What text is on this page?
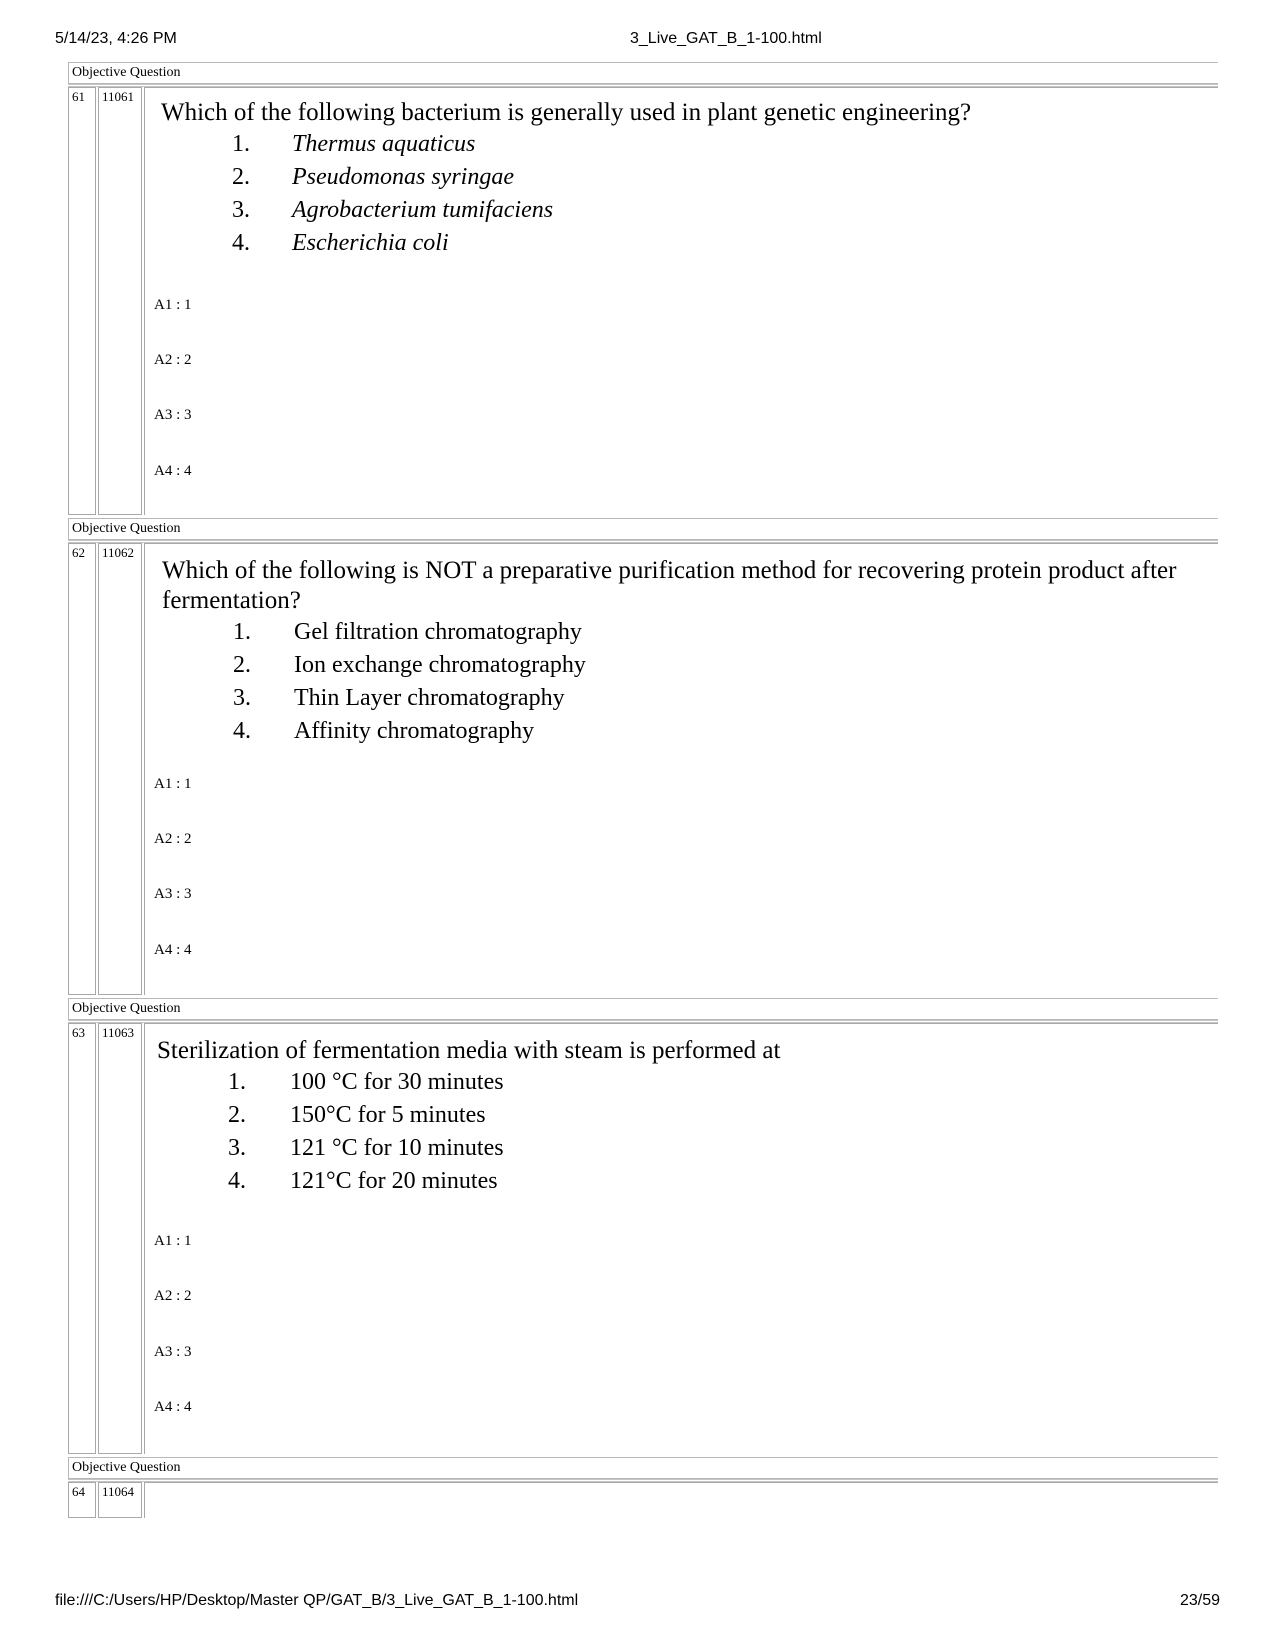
5/14/23, 4:26 PM	3_Live_GAT_B_1-100.html
Objective Question
61	11061

Which of the following bacterium is generally used in plant genetic engineering?

1. Thermus aquaticus
2. Pseudomonas syringae
3. Agrobacterium tumifaciens
4. Escherichia coli
A1 : 1
A2 : 2
A3 : 3
A4 : 4
Objective Question
62	11062

Which of the following is NOT a preparative purification method for recovering protein product after fermentation?

1. Gel filtration chromatography
2. Ion exchange chromatography
3. Thin Layer chromatography
4. Affinity chromatography
A1 : 1
A2 : 2
A3 : 3
A4 : 4
Objective Question
63	11063

Sterilization of fermentation media with steam is performed at

1. 100 °C for 30 minutes
2. 150°C for 5 minutes
3. 121 °C for 10 minutes
4. 121°C for 20 minutes
A1 : 1
A2 : 2
A3 : 3
A4 : 4
Objective Question
64	11064
file:///C:/Users/HP/Desktop/Master QP/GAT_B/3_Live_GAT_B_1-100.html	23/59
